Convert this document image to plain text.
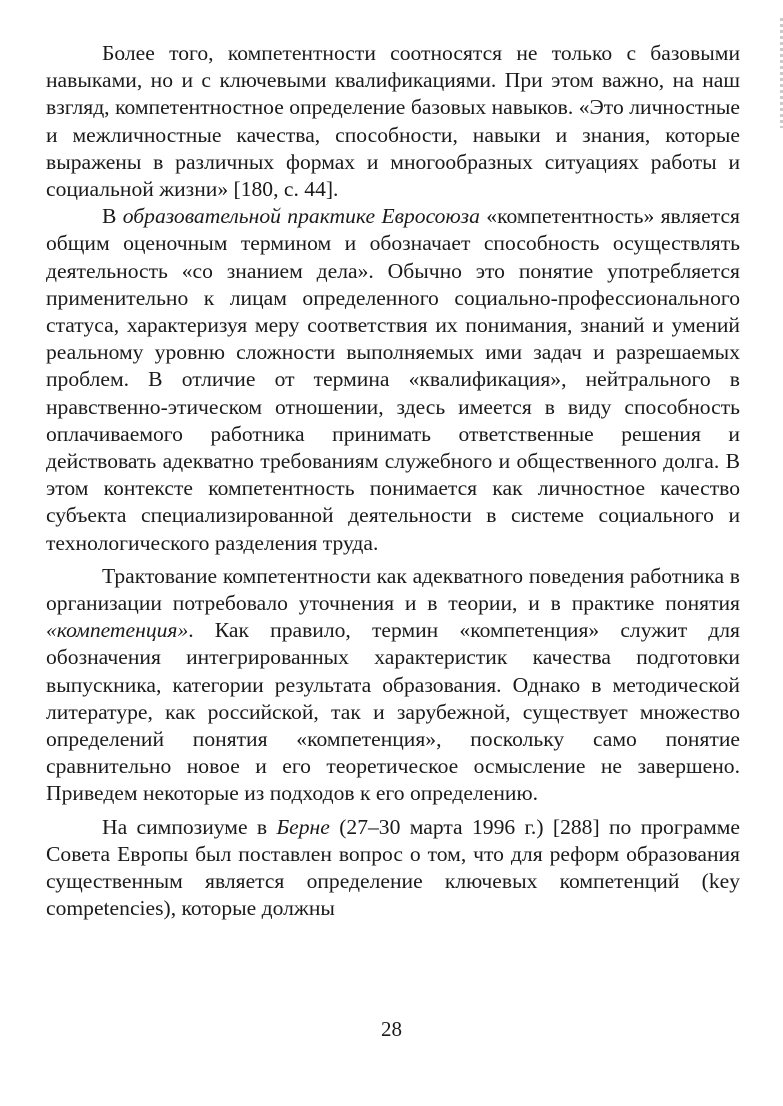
Более того, компетентности соотносятся не только с базовыми навыками, но и с ключевыми квалификациями. При этом важно, на наш взгляд, компетентностное определение базовых навыков. «Это личностные и межличностные качества, способности, навыки и знания, которые выражены в различных формах и многообразных ситуациях работы и социальной жизни» [180, с. 44].

В образовательной практике Евросоюза «компетентность» является общим оценочным термином и обозначает способность осуществлять деятельность «со знанием дела». Обычно это понятие употребляется применительно к лицам определенного социально-профессионального статуса, характеризуя меру соответствия их понимания, знаний и умений реальному уровню сложности выполняемых ими задач и разрешаемых проблем. В отличие от термина «квалификация», нейтрального в нравственно-этическом отношении, здесь имеется в виду способность оплачиваемого работника принимать ответственные решения и действовать адекватно требованиям служебного и общественного долга. В этом контексте компетентность понимается как личностное качество субъекта специализированной деятельности в системе социального и технологического разделения труда.

Трактование компетентности как адекватного поведения работника в организации потребовало уточнения и в теории, и в практике понятия «компетенция». Как правило, термин «компетенция» служит для обозначения интегрированных характеристик качества подготовки выпускника, категории результата образования. Однако в методической литературе, как российской, так и зарубежной, существует множество определений понятия «компетенция», поскольку само понятие сравнительно новое и его теоретическое осмысление не завершено. Приведем некоторые из подходов к его определению.

На симпозиуме в Берне (27–30 марта 1996 г.) [288] по программе Совета Европы был поставлен вопрос о том, что для реформ образования существенным является определение ключевых компетенций (key competencies), которые должны

28
